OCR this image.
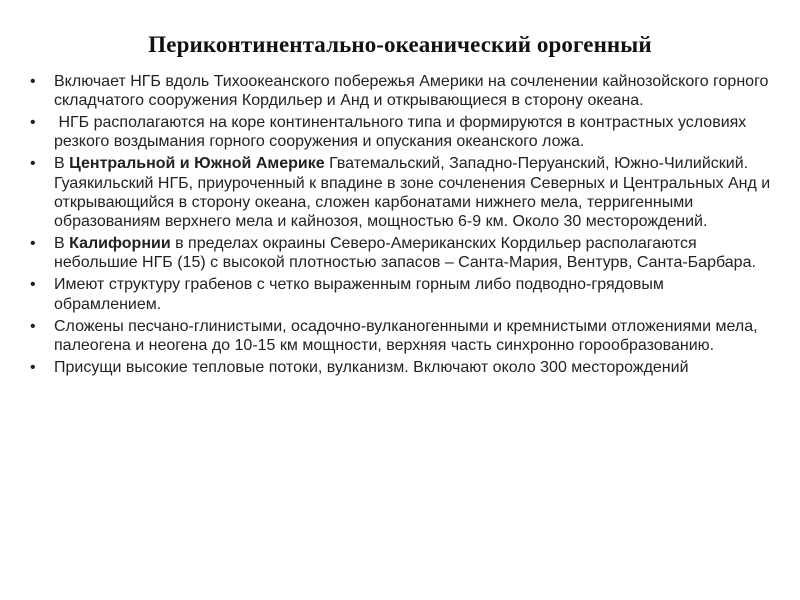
Периконтинентально-океанический орогенный
• Включает НГБ вдоль Тихоокеанского побережья Америки на сочленении кайнозойского горного складчатого сооружения Кордильер и Анд и открывающиеся в сторону океана.
• НГБ располагаются на коре континентального типа и формируются в контрастных условиях резкого воздымания горного сооружения и опускания океанского ложа.
• В Центральной и Южной Америке Гватемальский, Западно-Перуанский, Южно-Чилийский. Гуаякильский НГБ, приуроченный к впадине в зоне сочленения Северных и Центральных Анд и открывающийся в сторону океана, сложен карбонатами нижнего мела, терригенными образованиям верхнего мела и кайнозоя, мощностью 6-9 км. Около 30 месторождений.
• В Калифорнии в пределах окраины Северо-Американских Кордильер располагаются небольшие НГБ (15) с высокой плотностью запасов – Санта-Мария, Вентурв, Санта-Барбара.
• Имеют структуру грабенов с четко выраженным горным либо подводно-грядовым обрамлением.
• Сложены песчано-глинистыми, осадочно-вулканогенными и кремнистыми отложениями мела, палеогена и неогена до 10-15 км мощности, верхняя часть синхронно горообразованию.
• Присущи высокие тепловые потоки, вулканизм. Включают около 300 месторождений
